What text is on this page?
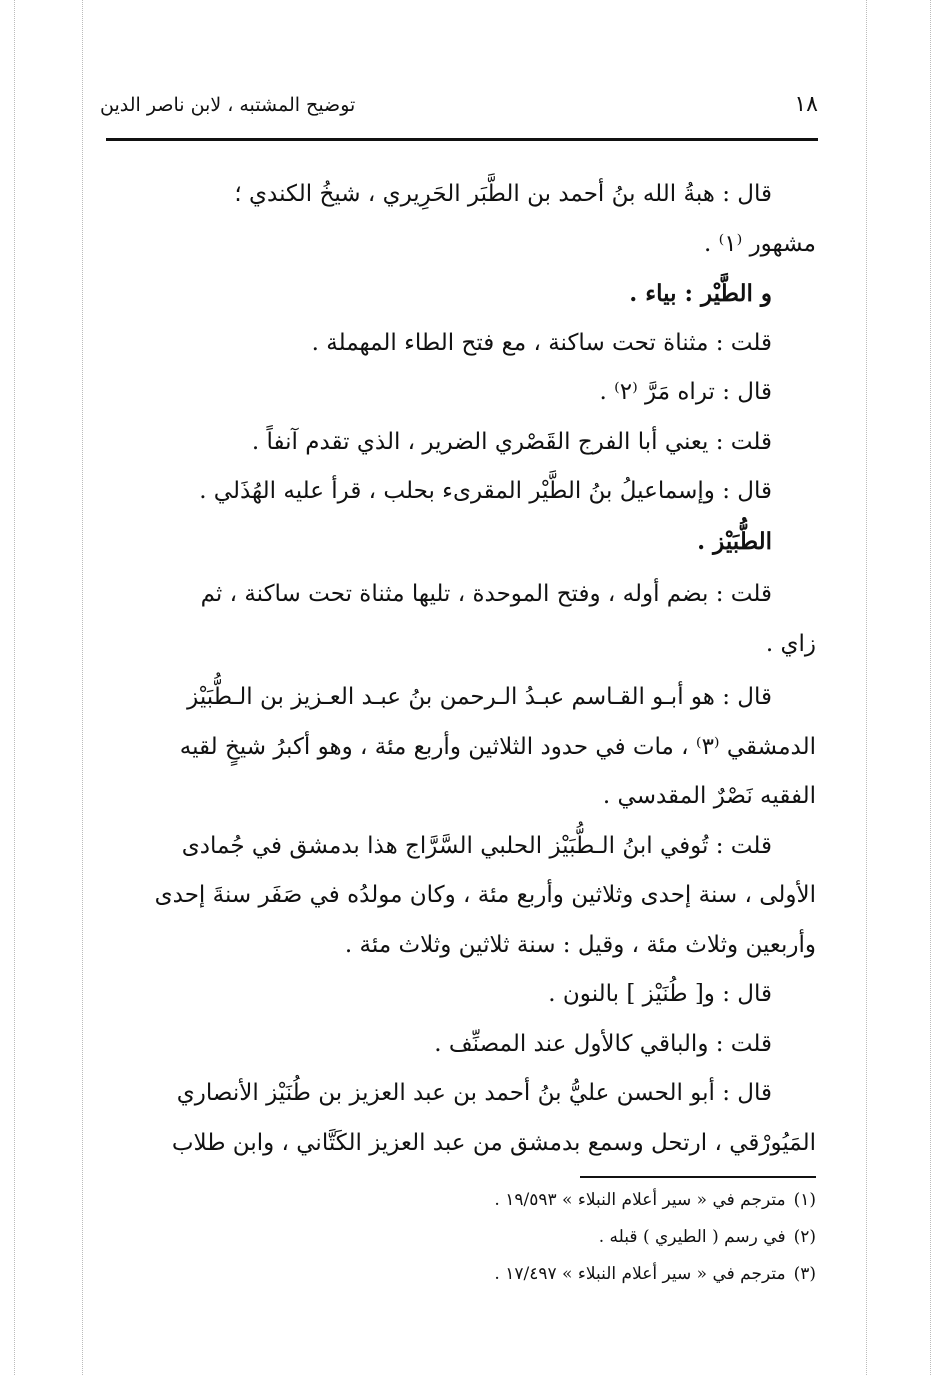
١٨
توضيح المشتبه ، لابن ناصر الدين

قال : هبةُ الله بنُ أحمد بن الطَّبَر الحَرِيري ، شيخُ الكندي ؛

مشهور ⁽١⁾ .

و الطَّيْر : بياء .

قلت : مثناة تحت ساكنة ، مع فتح الطاء المهملة .

قال : تراه مَرَّ ⁽٢⁾ .

قلت : يعني أبا الفرج القَصْري الضرير ، الذي تقدم آنفاً .

قال : وإسماعيلُ بنُ الطَّيْر المقرىء بحلب ، قرأ عليه الهُذَلي .

الطُّبَيْز .

قلت : بضم أوله ، وفتح الموحدة ، تليها مثناة تحت ساكنة ، ثم

زاي .

قال : هو أبـو القـاسم عبـدُ الـرحمن بنُ عبـد العـزيز بن الـطُّبَيْز

الدمشقي ⁽٣⁾ ، مات في حدود الثلاثين وأربع مئة ، وهو أكبرُ شيخٍ لقيه

الفقيه نَصْرٌ المقدسي .

قلت : تُوفي ابنُ الـطُّبَيْز الحلبي السَّرَّاج هذا بدمشق في جُمادى

الأولى ، سنة إحدى وثلاثين وأربع مئة ، وكان مولدُه في صَفَر سنةَ إحدى

وأربعين وثلاث مئة ، وقيل : سنة ثلاثين وثلاث مئة .

قال : و[ طُنَيْز ] بالنون .

قلت : والباقي كالأول عند المصنِّف .

قال : أبو الحسن عليُّ بنُ أحمد بن عبد العزيز بن طُنَيْز الأنصاري

المَيُورْقي ، ارتحل وسمع بدمشق من عبد العزيز الكَتَّاني ، وابن طلاب

(١)مترجم في « سير أعلام النبلاء » ١٩/٥٩٣ .

(٢)في رسم ( الطيري ) قبله .

(٣)مترجم في « سير أعلام النبلاء » ١٧/٤٩٧ .
